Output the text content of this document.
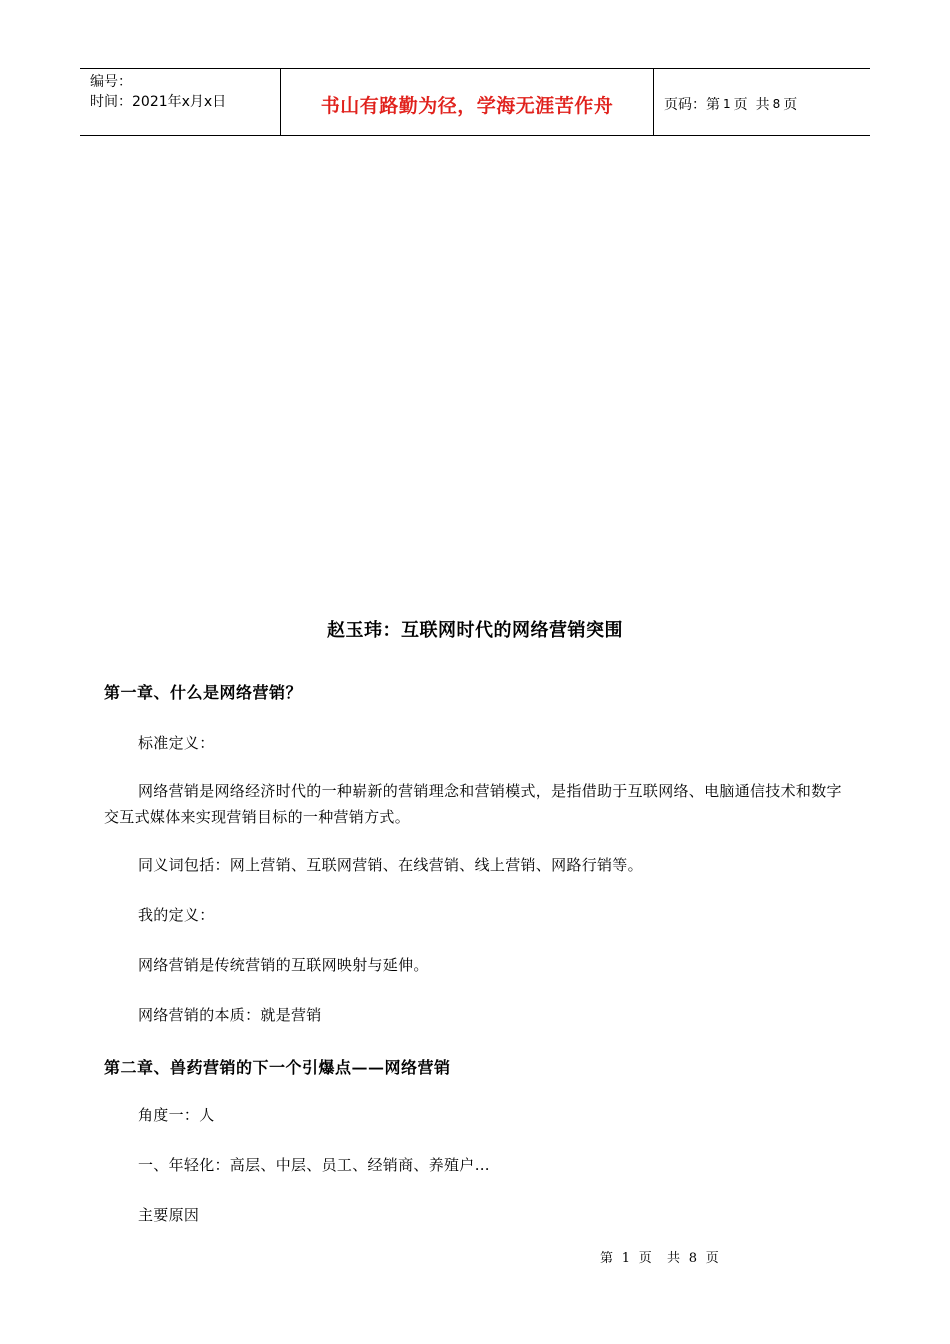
编号：
时间：2021年x月x日	书山有路勤为径，学海无涯苦作舟	页码：第 1 页 共 8 页
赵玉玮：互联网时代的网络营销突围
第一章、什么是网络营销？
标准定义：
网络营销是网络经济时代的一种崭新的营销理念和营销模式，是指借助于互联网络、电脑通信技术和数字交互式媒体来实现营销目标的一种营销方式。
同义词包括：网上营销、互联网营销、在线营销、线上营销、网路行销等。
我的定义：
网络营销是传统营销的互联网映射与延伸。
网络营销的本质：就是营销
第二章、兽药营销的下一个引爆点——网络营销
角度一：人
一、年轻化：高层、中层、员工、经销商、养殖户…
主要原因
第 1 页 共 8 页
